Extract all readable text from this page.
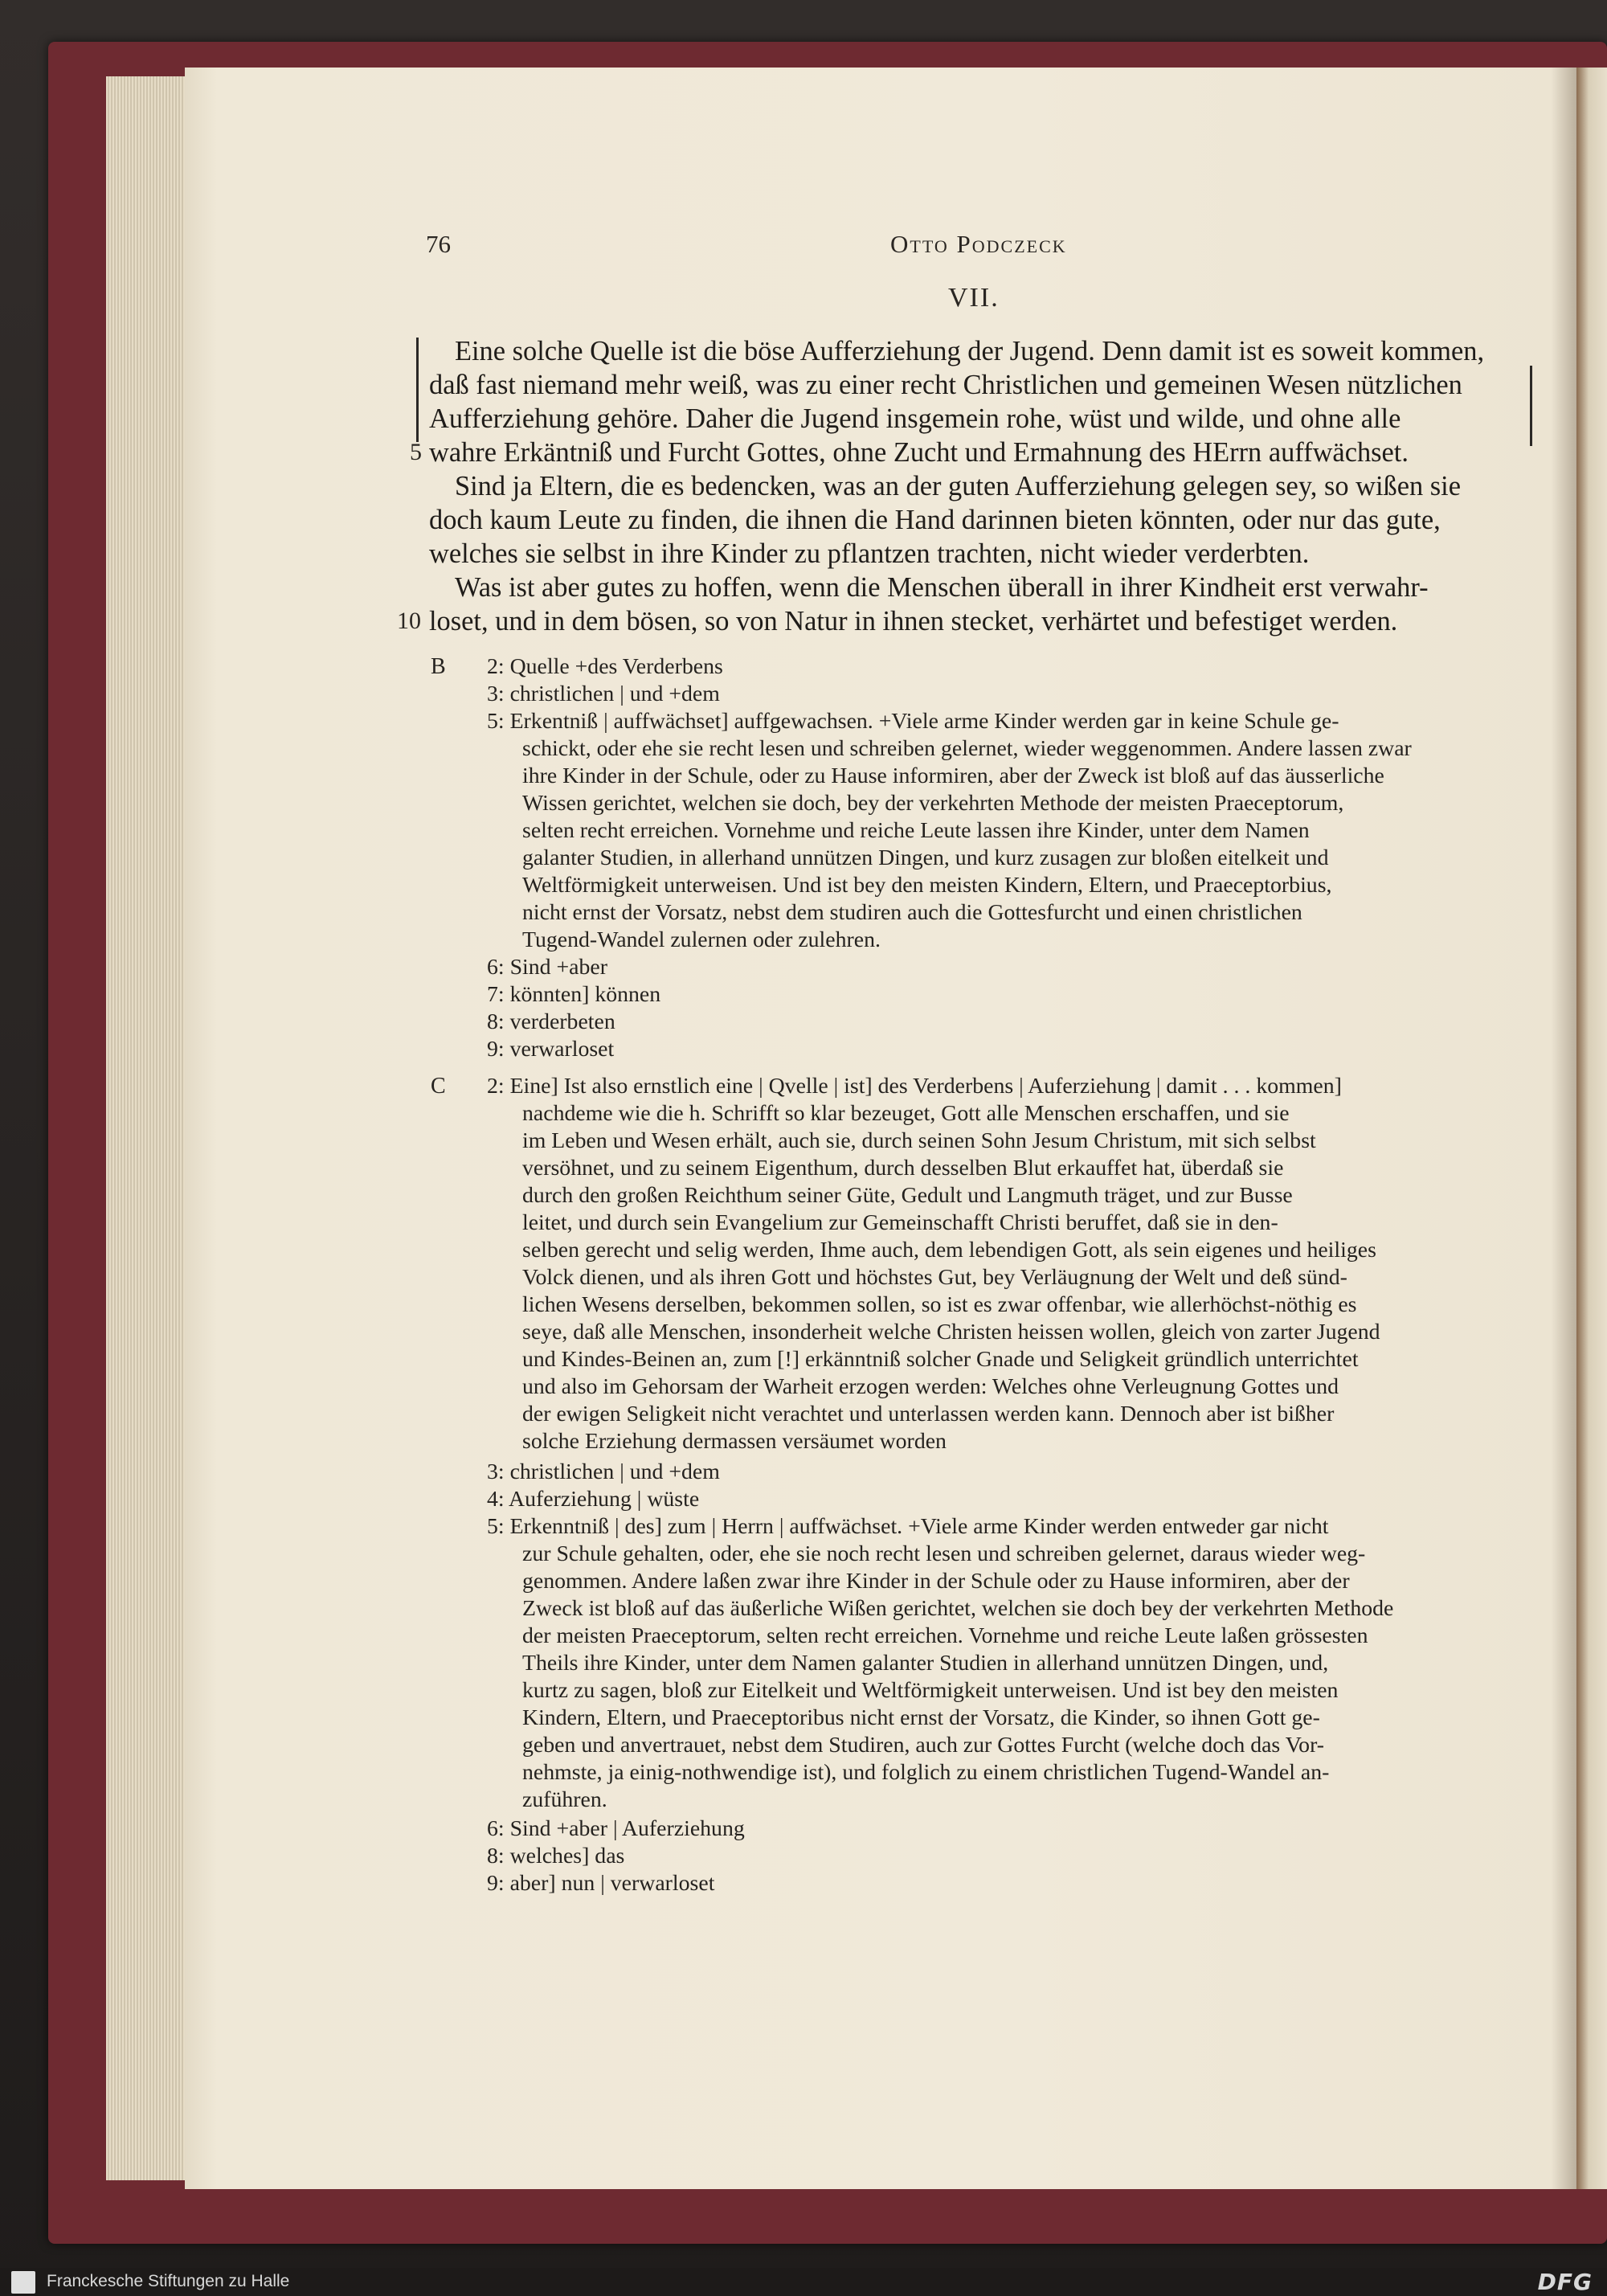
76	Otto Podczeck
VII.
Eine solche Quelle ist die böse Aufferziehung der Jugend. Denn damit ist es soweit kommen,
daß fast niemand mehr weiß, was zu einer recht Christlichen und gemeinen Wesen nützlichen
Aufferziehung gehöre. Daher die Jugend insgemein rohe, wüst und wilde, und ohne alle
5 wahre Erkäntniß und Furcht Gottes, ohne Zucht und Ermahnung des HErrn auffwächset.
Sind ja Eltern, die es bedencken, was an der guten Aufferziehung gelegen sey, so wißen sie
doch kaum Leute zu finden, die ihnen die Hand darinnen bieten könnten, oder nur das gute,
welches sie selbst in ihre Kinder zu pflantzen trachten, nicht wieder verderbten.
Was ist aber gutes zu hoffen, wenn die Menschen überall in ihrer Kindheit erst verwahr-
10 loset, und in dem bösen, so von Natur in ihnen stecket, verhärtet und befestiget werden.
B 2: Quelle +des Verderbens
3: christlichen | und +dem
5: Erkentniß | auffwächset] auffgewachsen. +Viele arme Kinder werden gar in keine Schule ge-
schickt, oder ehe sie recht lesen und schreiben gelernet, wieder weggenommen. Andere lassen zwar
ihre Kinder in der Schule, oder zu Hause informiren, aber der Zweck ist bloß auf das äusserliche
Wissen gerichtet, welchen sie doch, bey der verkehrten Methode der meisten Praeceptorum,
selten recht erreichen. Vornehme und reiche Leute lassen ihre Kinder, unter dem Namen
galanter Studien, in allerhand unnützen Dingen, und kurz zusagen zur bloßen eitelkeit und
Weltförmigkeit unterweisen. Und ist bey den meisten Kindern, Eltern, und Praeceptorbius,
nicht ernst der Vorsatz, nebst dem studiren auch die Gottesfurcht und einen christlichen
Tugend-Wandel zulernen oder zulehren.
6: Sind +aber
7: könnten] können
8: verderbeten
9: verwarloset
C 2: Eine] Ist also ernstlich eine | Qvelle | ist] des Verderbens | Auferziehung | damit . . . kommen]
nachdeme wie die h. Schrifft so klar bezeuget, Gott alle Menschen erschaffen, und sie
im Leben und Wesen erhält, auch sie, durch seinen Sohn Jesum Christum, mit sich selbst
versöhnet, und zu seinem Eigenthum, durch desselben Blut erkauffet hat, überdaß sie
durch den großen Reichthum seiner Güte, Gedult und Langmuth träget, und zur Busse
leitet, und durch sein Evangelium zur Gemeinschafft Christi beruffet, daß sie in den-
selben gerecht und selig werden, Ihme auch, dem lebendigen Gott, als sein eigenes und heiliges
Volck dienen, und als ihren Gott und höchstes Gut, bey Verläugnung der Welt und deß sünd-
lichen Wesens derselben, bekommen sollen, so ist es zwar offenbar, wie allerhöchst-nöthig es
seye, daß alle Menschen, insonderheit welche Christen heissen wollen, gleich von zarter Jugend
und Kindes-Beinen an, zum [!] erkänntniß solcher Gnade und Seligkeit gründlich unterrichtet
und also im Gehorsam der Warheit erzogen werden: Welches ohne Verleugnung Gottes und
der ewigen Seligkeit nicht verachtet und unterlassen werden kann. Dennoch aber ist bißher
solche Erziehung dermassen versäumet worden
3: christlichen | und +dem
4: Auferziehung | wüste
5: Erkenntniß | des] zum | Herrn | auffwächset. +Viele arme Kinder werden entweder gar nicht
zur Schule gehalten, oder, ehe sie noch recht lesen und schreiben gelernet, daraus wieder weg-
genommen. Andere laßen zwar ihre Kinder in der Schule oder zu Hause informiren, aber der
Zweck ist bloß auf das äußerliche Wißen gerichtet, welchen sie doch bey der verkehrten Methode
der meisten Praeceptorum, selten recht erreichen. Vornehme und reiche Leute laßen grössesten
Theils ihre Kinder, unter dem Namen galanter Studien in allerhand unnützen Dingen, und,
kurtz zu sagen, bloß zur Eitelkeit und Weltförmigkeit unterweisen. Und ist bey den meisten
Kindern, Eltern, und Praeceptoribus nicht ernst der Vorsatz, die Kinder, so ihnen Gott ge-
geben und anvertrauet, nebst dem Studiren, auch zur Gottes Furcht (welche doch das Vor-
nehmste, ja einig-nothwendige ist), und folglich zu einem christlichen Tugend-Wandel an-
zuführen.
6: Sind +aber | Auferziehung
8: welches] das
9: aber] nun | verwarloset
Franckesche Stiftungen zu Halle	DFG
